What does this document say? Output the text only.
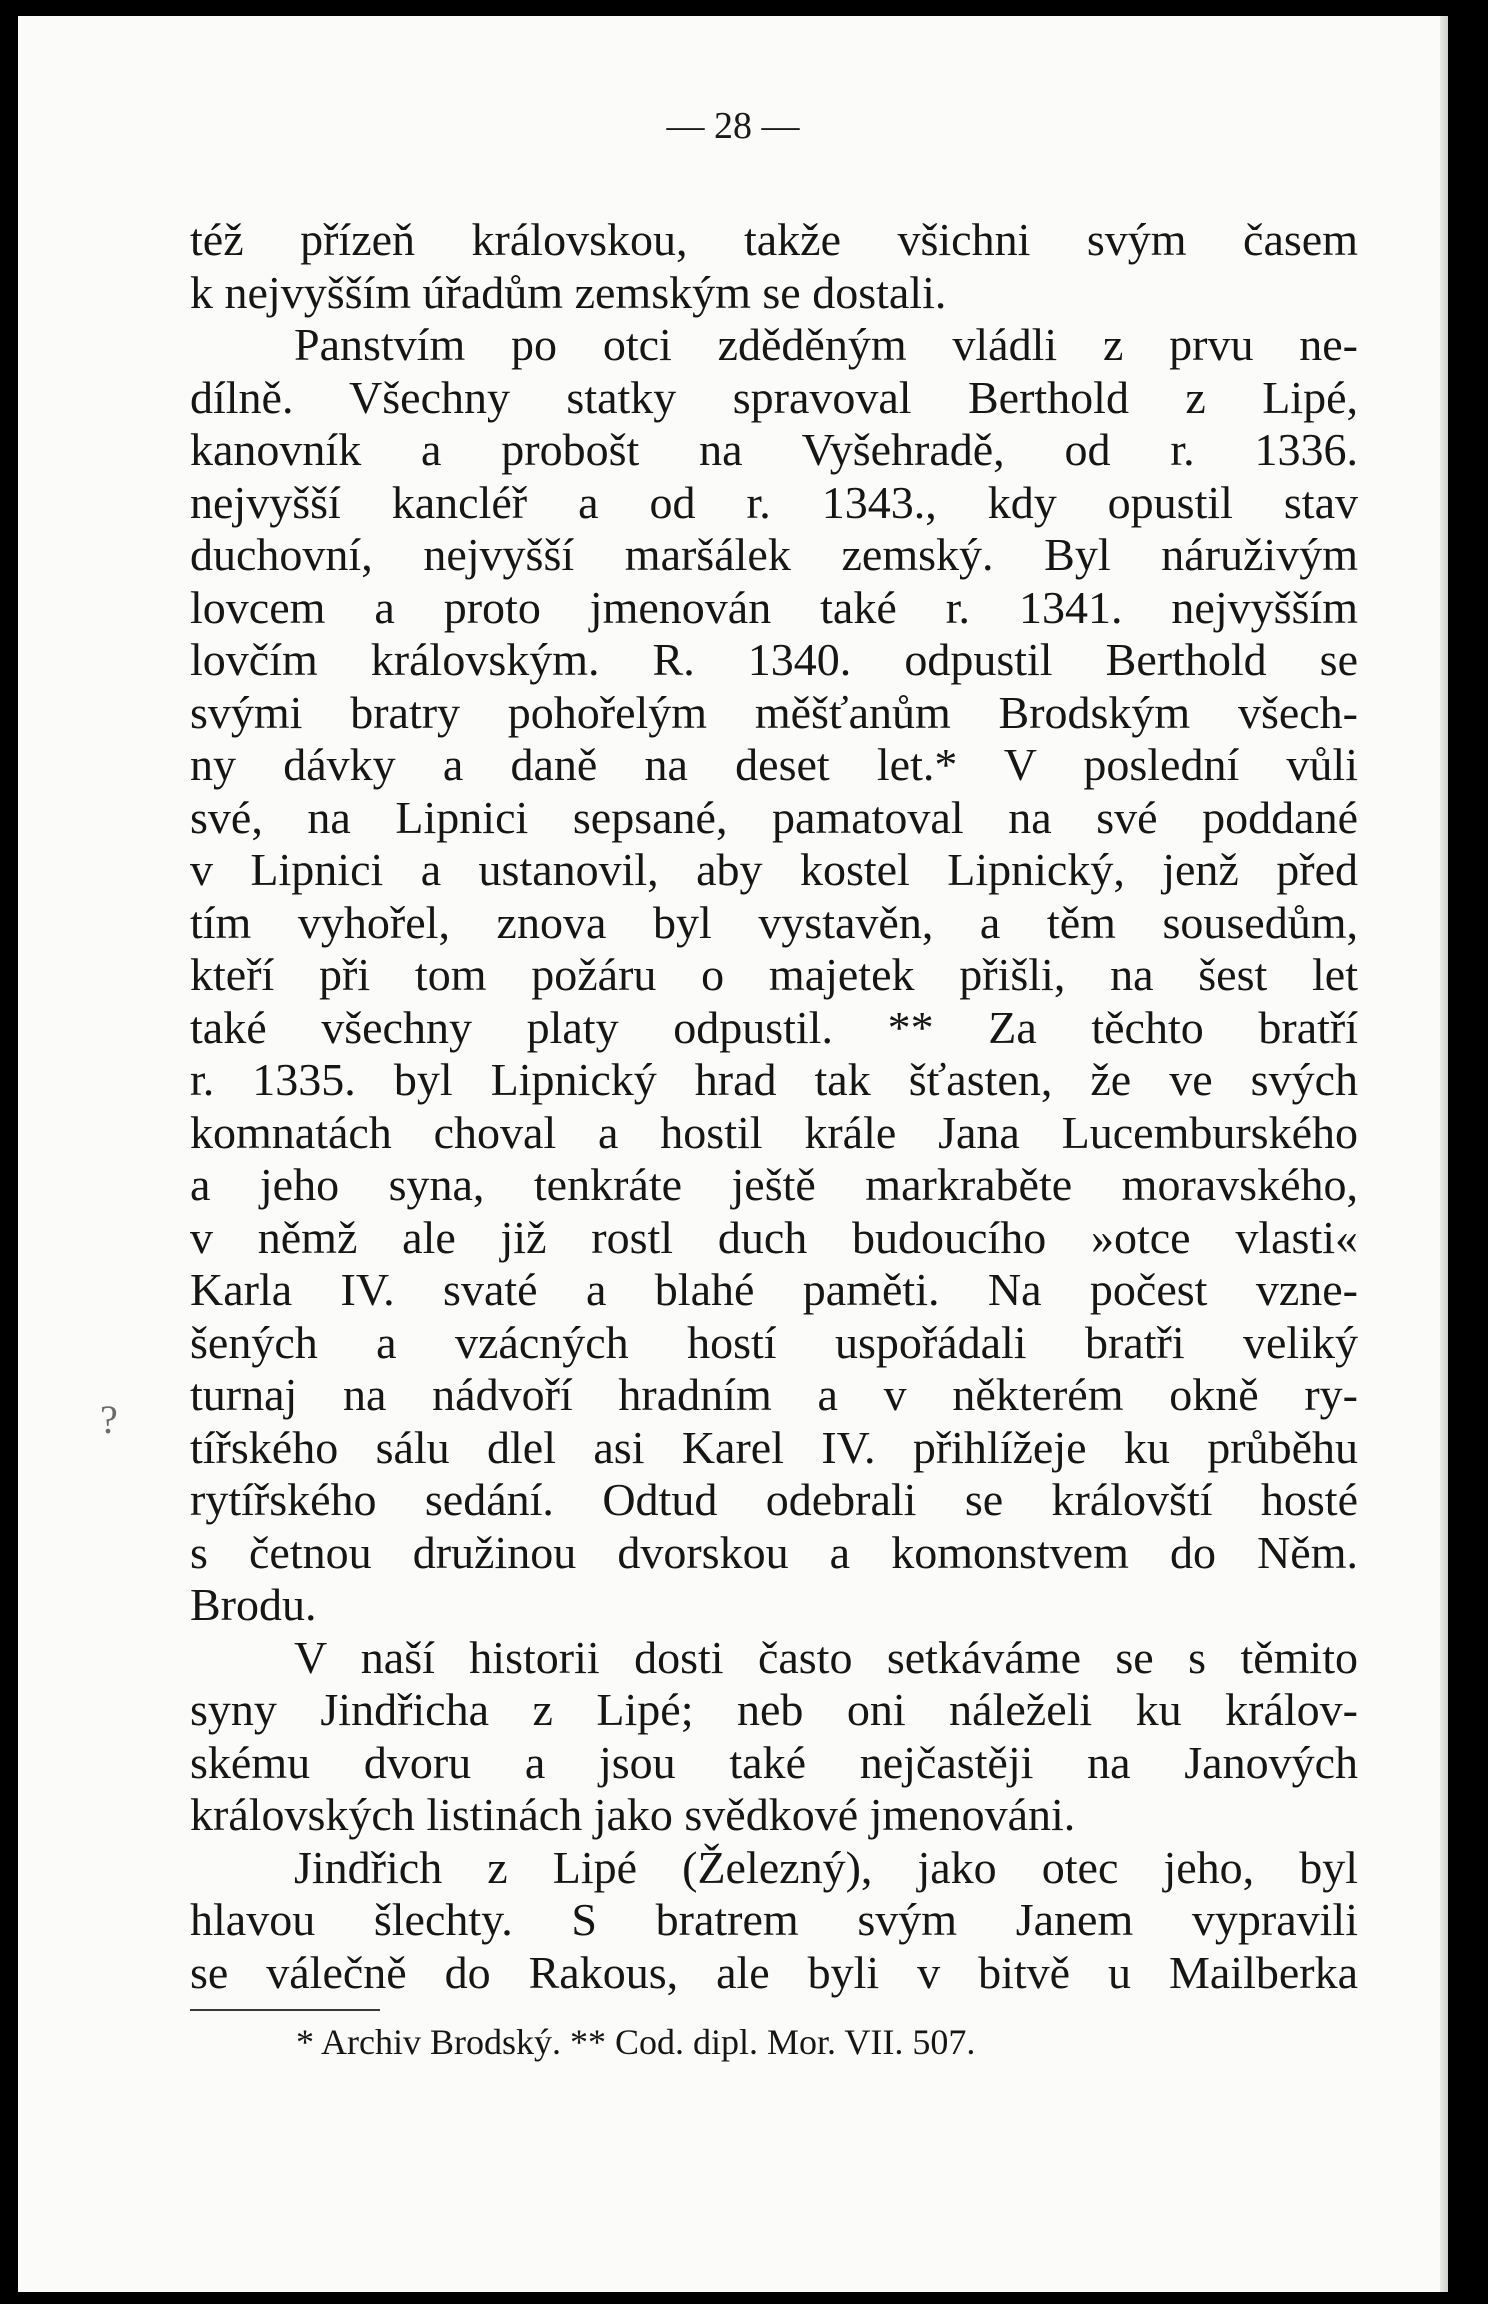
— 28 —

též přízeň královskou, takže všichni svým časem
k nejvyšším úřadům zemským se dostali.
Panstvím po otci zděděným vládli z prvu ne-
dílně. Všechny statky spravoval Berthold z Lipé,
kanovník a probošt na Vyšehradě, od r. 1336.
nejvyšší kancléř a od r. 1343., kdy opustil stav
duchovní, nejvyšší maršálek zemský. Byl náruživým
lovcem a proto jmenován také r. 1341. nejvyšším
lovčím královským. R. 1340. odpustil Berthold se
svými bratry pohořelým měšťanům Brodským všech-
ny dávky a daně na deset let.* V poslední vůli
své, na Lipnici sepsané, pamatoval na své poddané
v Lipnici a ustanovil, aby kostel Lipnický, jenž před
tím vyhořel, znova byl vystavěn, a těm sousedům,
kteří při tom požáru o majetek přišli, na šest let
také všechny platy odpustil. ** Za těchto bratří
r. 1335. byl Lipnický hrad tak šťasten, že ve svých
komnatách choval a hostil krále Jana Lucemburského
a jeho syna, tenkráte ještě markraběte moravského,
v němž ale již rostl duch budoucího »otce vlasti«
Karla IV. svaté a blahé paměti. Na počest vzne-
šených a vzácných hostí uspořádali bratři veliký
turnaj na nádvoří hradním a v některém okně ry-
tířského sálu dlel asi Karel IV. přihlížeje ku průběhu
rytířského sedání. Odtud odebrali se královští hosté
s četnou družinou dvorskou a komonstvem do Něm.
Brodu.
V naší historii dosti často setkáváme se s těmito
syny Jindřicha z Lipé; neb oni náleželi ku králov-
skému dvoru a jsou také nejčastěji na Janových
královských listinách jako svědkové jmenováni.
Jindřich z Lipé (Železný), jako otec jeho, byl
hlavou šlechty. S bratrem svým Janem vypravili
se válečně do Rakous, ale byli v bitvě u Mailberka
* Archiv Brodský. ** Cod. dipl. Mor. VII. 507.
?
